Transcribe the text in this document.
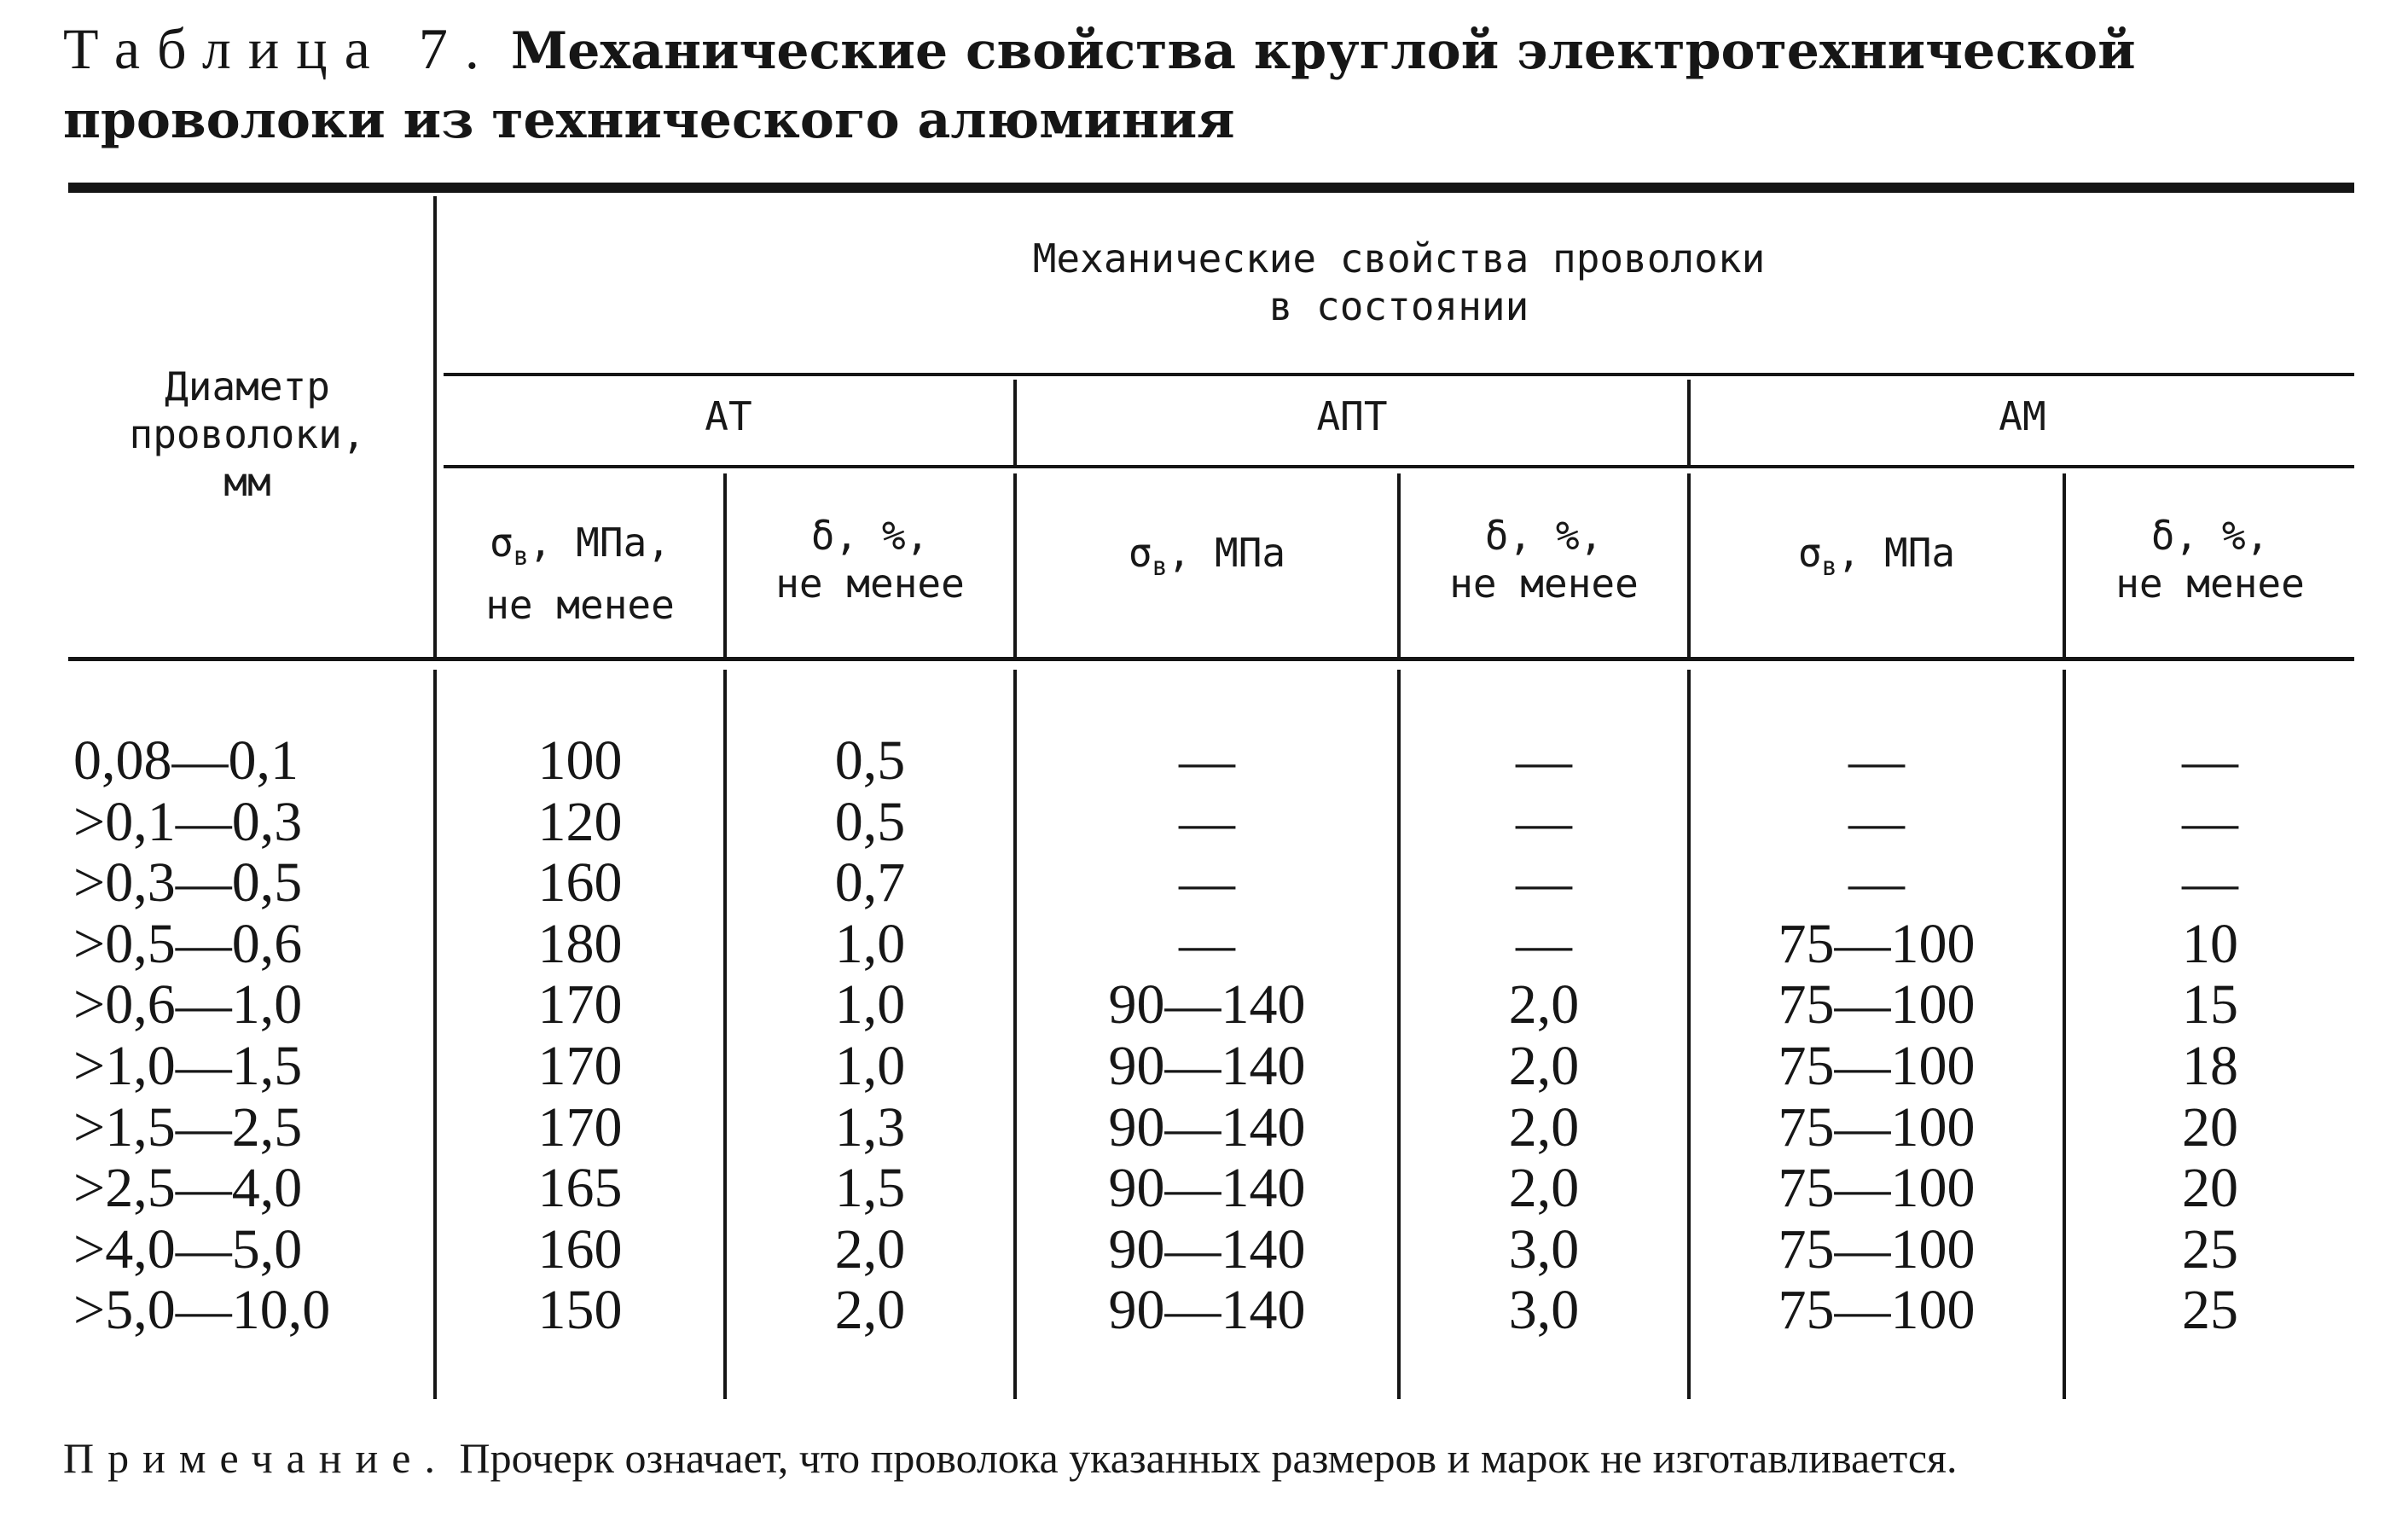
Таблица 7. Механические свойства круглой электротехнической проволоки из технического алюминия
Диаметр
проволоки,
мм
Механические свойства проволоки
в состоянии
АТ	АПТ	АМ
$\sigma_в$, МПа,
не менее
δ, %,
не менее
$\sigma_в$, МПа	δ, %,
не менее
$\sigma_в$, МПа	δ, %,
не менее
0,08—0,1	100	0,5	—	—	—	—
>0,1—0,3	120	0,5	—	—	—	—
>0,3—0,5	160	0,7	—	—	—	—
>0,5—0,6	180	1,0	—	—	75—100	10
>0,6—1,0	170	1,0	90—140	2,0	75—100	15
>1,0—1,5	170	1,0	90—140	2,0	75—100	18
>1,5—2,5	170	1,3	90—140	2,0	75—100	20
>2,5—4,0	165	1,5	90—140	2,0	75—100	20
>4,0—5,0	160	2,0	90—140	3,0	75—100	25
>5,0—10,0	150	2,0	90—140	3,0	75—100	25
Примечание. Прочерк означает, что проволока указанных размеров и марок не изготавливается.
